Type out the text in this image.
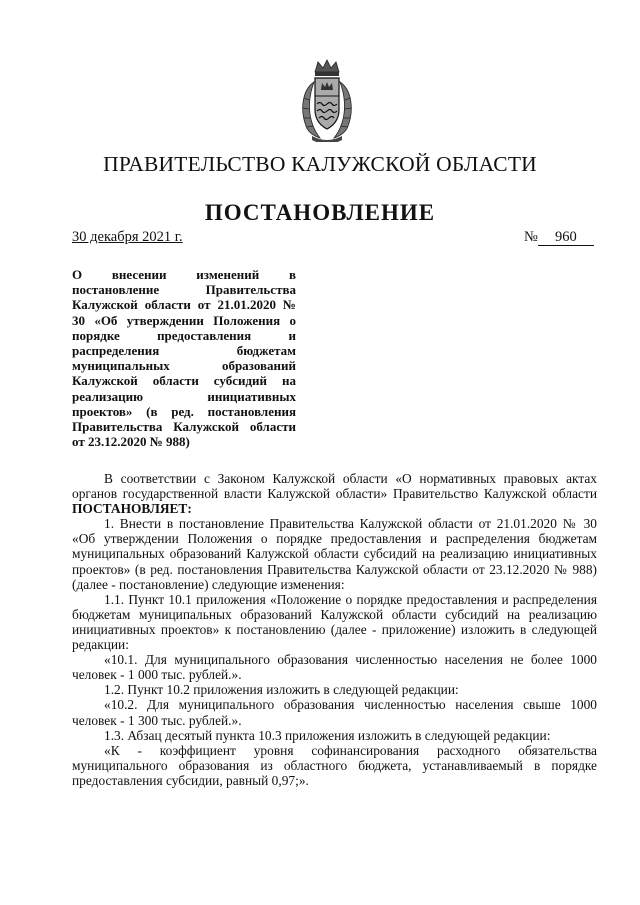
ПРАВИТЕЛЬСТВО КАЛУЖСКОЙ ОБЛАСТИ
ПОСТАНОВЛЕНИЕ
30 декабря 2021 г.	№ 960
О внесении изменений в постановление Правительства Калужской области от 21.01.2020 № 30 «Об утверждении Положения о порядке предоставления и распределения бюджетам муниципальных образований Калужской области субсидий на реализацию инициативных проектов» (в ред. постановления Правительства Калужской области от 23.12.2020 № 988)

В соответствии с Законом Калужской области «О нормативных правовых актах органов государственной власти Калужской области» Правительство Калужской области ПОСТАНОВЛЯЕТ:

1. Внести в постановление Правительства Калужской области от 21.01.2020 № 30 «Об утверждении Положения о порядке предоставления и распределения бюджетам муниципальных образований Калужской области субсидий на реализацию инициативных проектов» (в ред. постановления Правительства Калужской области от 23.12.2020 № 988) (далее - постановление) следующие изменения:

1.1. Пункт 10.1 приложения «Положение о порядке предоставления и распределения бюджетам муниципальных образований Калужской области субсидий на реализацию инициативных проектов» к постановлению (далее - приложение) изложить в следующей редакции:

«10.1. Для муниципального образования численностью населения не более 1000 человек - 1 000 тыс. рублей.».

1.2. Пункт 10.2 приложения изложить в следующей редакции:

«10.2. Для муниципального образования численностью населения свыше 1000 человек - 1 300 тыс. рублей.».

1.3. Абзац десятый пункта 10.3 приложения изложить в следующей редакции:

«К - коэффициент уровня софинансирования расходного обязательства муниципального образования из областного бюджета, устанавливаемый в порядке предоставления субсидии, равный 0,97;».
